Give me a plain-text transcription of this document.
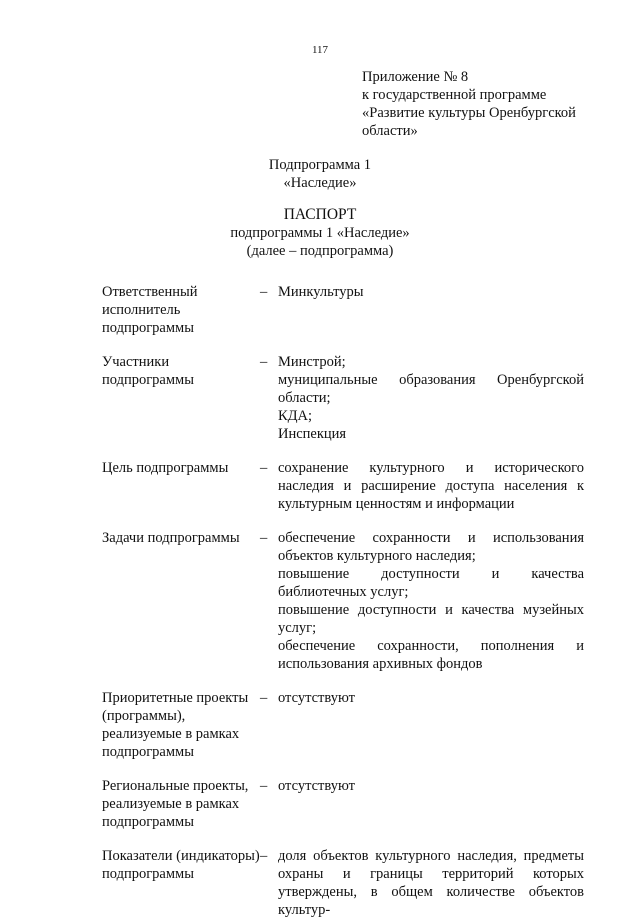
117
Приложение № 8
к государственной программе
«Развитие культуры Оренбургской
области»
Подпрограмма 1
«Наследие»
ПАСПОРТ
подпрограммы 1 «Наследие»
(далее – подпрограмма)
Ответственный исполнитель подпрограммы	–	Минкультуры

Участники подпрограммы	–	Минстрой;
муниципальные образования Оренбургской области;
КДА;
Инспекция

Цель подпрограммы	–	сохранение культурного и исторического наследия и расширение доступа населения к культурным ценностям и информации

Задачи подпрограммы	–	обеспечение сохранности и использования объектов культурного наследия;
повышение доступности и качества библиотечных услуг;
повышение доступности и качества музейных услуг;
обеспечение сохранности, пополнения и использования архивных фондов

Приоритетные проекты (программы), реализуемые в рамках подпрограммы	–	отсутствуют

Региональные проекты, реализуемые в рамках подпрограммы	–	отсутствуют

Показатели (индикаторы) подпрограммы	–	доля объектов культурного наследия, предметы охраны и границы территорий которых утверждены, в общем количестве объектов культур-
